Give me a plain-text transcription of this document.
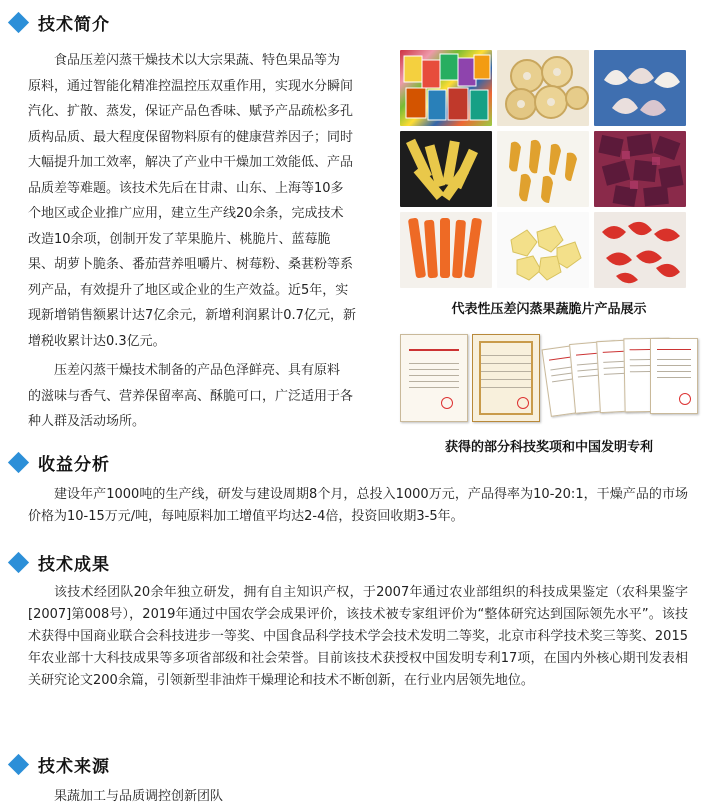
技术简介
食品压差闪蒸干燥技术以大宗果蔬、特色果品等为
原料，通过智能化精准控温控压双重作用，实现水分瞬间
汽化、扩散、蒸发，保证产品色香味、赋予产品疏松多孔
质构品质、最大程度保留物料原有的健康营养因子；同时
大幅提升加工效率，解决了产业中干燥加工效能低、产品
品质差等难题。该技术先后在甘肃、山东、上海等10多
个地区或企业推广应用，建立生产线20余条，完成技术
改造10余项，创制开发了苹果脆片、桃脆片、蓝莓脆
果、胡萝卜脆条、番茄营养咀嚼片、树莓粉、桑葚粉等系
列产品，有效提升了地区或企业的生产效益。近5年，实
现新增销售额累计达7亿余元，新增利润累计0.7亿元，新
增税收累计达0.3亿元。
压差闪蒸干燥技术制备的产品色泽鲜亮、具有原料
的滋味与香气、营养保留率高、酥脆可口，广泛适用于各
种人群及活动场所。
代表性压差闪蒸果蔬脆片产品展示
获得的部分科技奖项和中国发明专利
收益分析

建设年产1000吨的生产线，研发与建设周期8个月，总投入1000万元，产品得率为10-20:1，干燥产品的市场价格为10-15万元/吨，每吨原料加工增值平均达2-4倍，投资回收期3-5年。

技术成果

该技术经团队20余年独立研发，拥有自主知识产权，于2007年通过农业部组织的科技成果鉴定（农科果鉴字[2007]第008号），2019年通过中国农学会成果评价，该技术被专家组评价为“整体研究达到国际领先水平”。该技术获得中国商业联合会科技进步一等奖、中国食品科学技术学会技术发明二等奖，北京市科学技术奖三等奖、2015年农业部十大科技成果等多项省部级和社会荣誉。目前该技术获授权中国发明专利17项，在国内外核心期刊发表相关研究论文200余篇，引领新型非油炸干燥理论和技术不断创新，在行业内居领先地位。

技术来源

果蔬加工与品质调控创新团队
